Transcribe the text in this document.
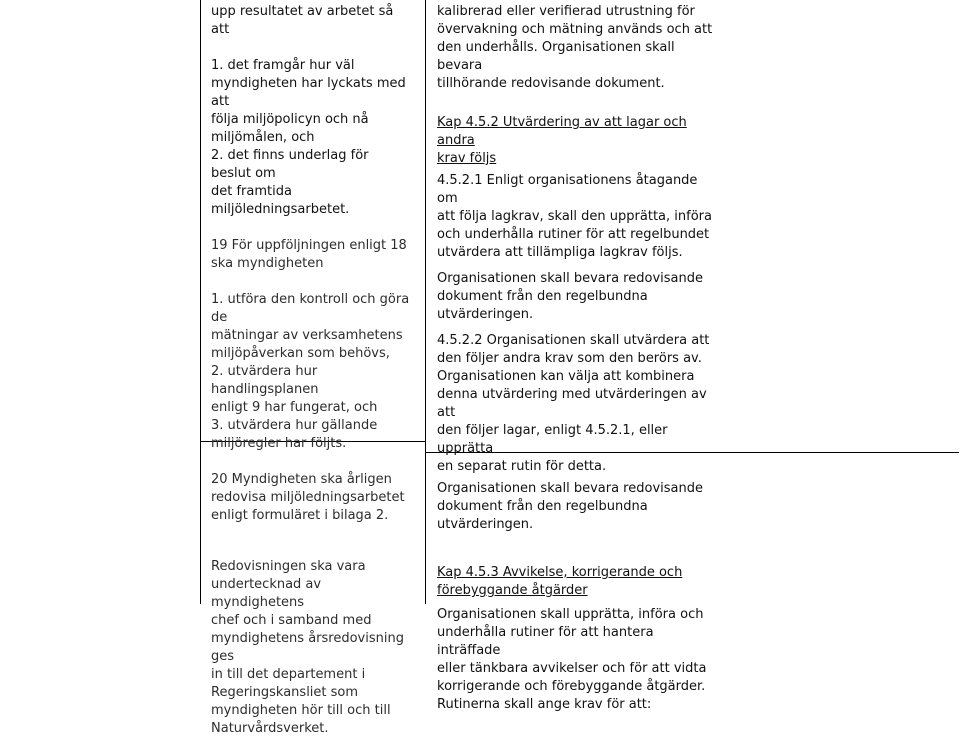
upp resultatet av arbetet så att

1. det framgår hur väl
myndigheten har lyckats med att
följa miljöpolicyn och nå
miljömålen, och
2. det finns underlag för beslut om
det framtida miljöledningsarbetet.

19 För uppföljningen enligt 18
ska myndigheten

1. utföra den kontroll och göra de
mätningar av verksamhetens
miljöpåverkan som behövs,
2. utvärdera hur handlingsplanen
enligt 9 har fungerat, och
3. utvärdera hur gällande
miljöregler har följts.

20 Myndigheten ska årligen
redovisa miljöledningsarbetet
enligt formuläret i bilaga 2.

Redovisningen ska vara
undertecknad av myndighetens
chef och i samband med
myndighetens årsredovisning ges
in till det departement i
Regeringskansliet som
myndigheten hör till och till
Naturvårdsverket.

kalibrerad eller verifierad utrustning för
övervakning och mätning används och att
den underhålls. Organisationen skall bevara
tillhörande redovisande dokument.

Kap 4.5.2 Utvärdering av att lagar och andra
krav följs

4.5.2.1 Enligt organisationens åtagande om
att följa lagkrav, skall den upprätta, införa
och underhålla rutiner för att regelbundet
utvärdera att tillämpliga lagkrav följs.

Organisationen skall bevara redovisande
dokument från den regelbundna
utvärderingen.

4.5.2.2 Organisationen skall utvärdera att
den följer andra krav som den berörs av.
Organisationen kan välja att kombinera
denna utvärdering med utvärderingen av att
den följer lagar, enligt 4.5.2.1, eller upprätta
en separat rutin för detta.

Organisationen skall bevara redovisande
dokument från den regelbundna
utvärderingen.

Kap 4.5.3 Avvikelse, korrigerande och
förebyggande åtgärder

Organisationen skall upprätta, införa och
underhålla rutiner för att hantera inträffade
eller tänkbara avvikelser och för att vidta
korrigerande och förebyggande åtgärder.
Rutinerna skall ange krav för att:
